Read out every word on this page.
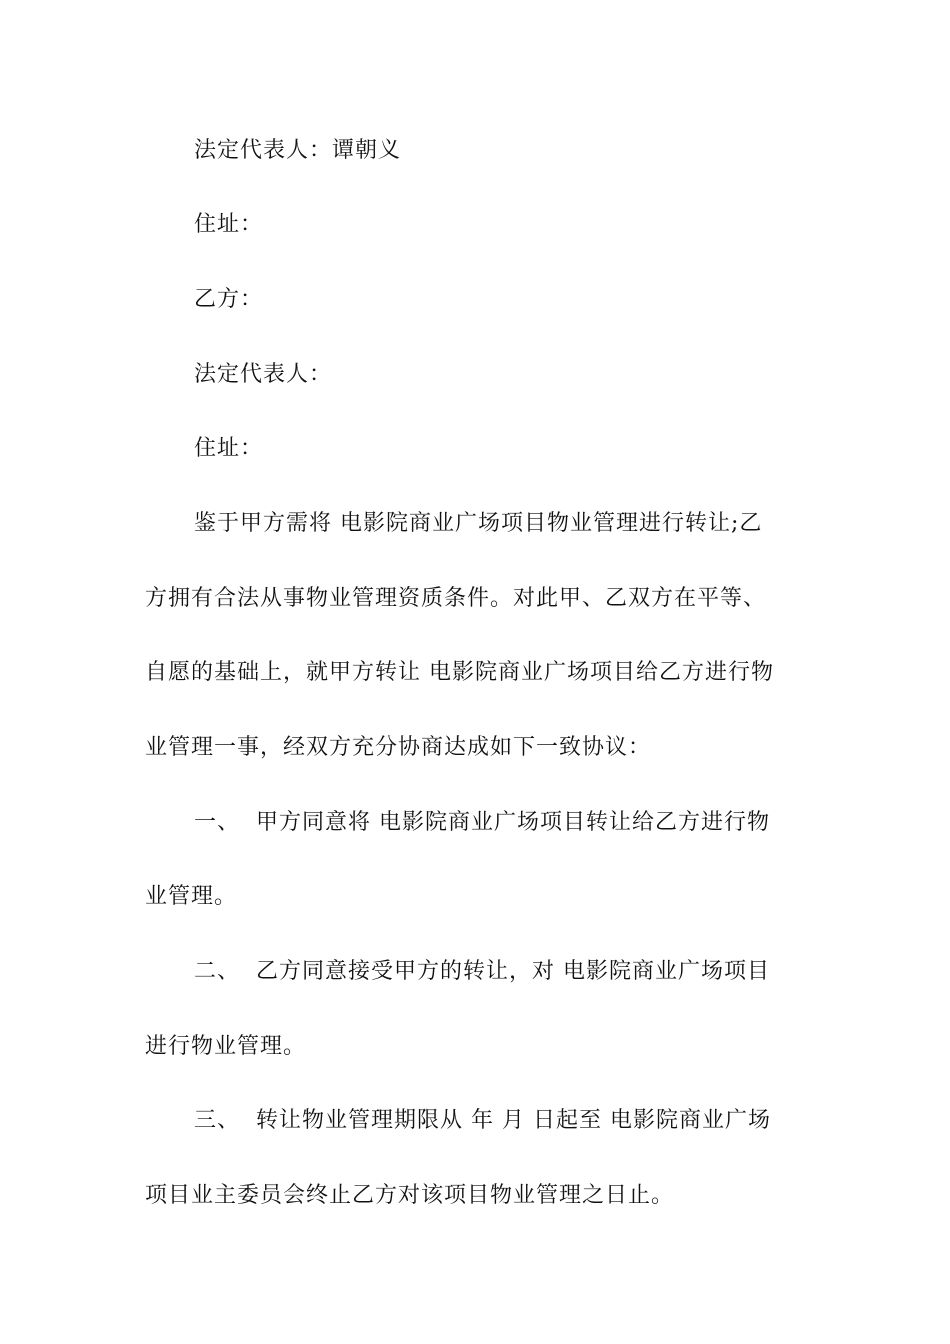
法定代表人：谭朝义
住址：
乙方：
法定代表人：
住址：
鉴于甲方需将 电影院商业广场项目物业管理进行转让;乙
方拥有合法从事物业管理资质条件。对此甲、乙双方在平等、
自愿的基础上，就甲方转让 电影院商业广场项目给乙方进行物
业管理一事，经双方充分协商达成如下一致协议：
一、  甲方同意将 电影院商业广场项目转让给乙方进行物
业管理。
二、  乙方同意接受甲方的转让，对 电影院商业广场项目
进行物业管理。
三、  转让物业管理期限从 年 月 日起至 电影院商业广场
项目业主委员会终止乙方对该项目物业管理之日止。
